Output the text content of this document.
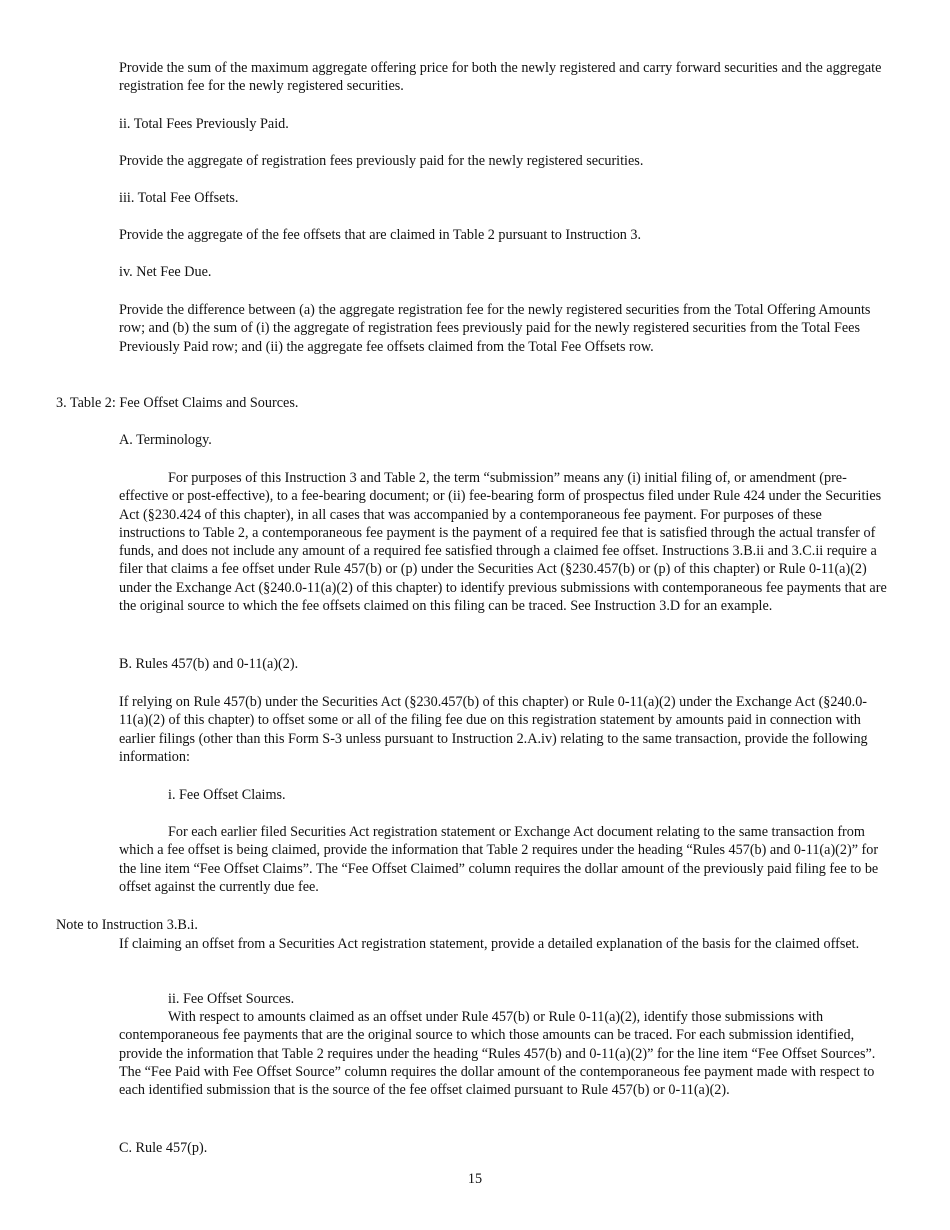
Provide the sum of the maximum aggregate offering price for both the newly registered and carry forward securities and the aggregate registration fee for the newly registered securities.

ii. Total Fees Previously Paid.

Provide the aggregate of registration fees previously paid for the newly registered securities.

iii. Total Fee Offsets.

Provide the aggregate of the fee offsets that are claimed in Table 2 pursuant to Instruction 3.

iv. Net Fee Due.

Provide the difference between (a) the aggregate registration fee for the newly registered securities from the Total Offering Amounts row; and (b) the sum of (i) the aggregate of registration fees previously paid for the newly registered securities from the Total Fees Previously Paid row; and (ii) the aggregate fee offsets claimed from the Total Fee Offsets row.

3. Table 2: Fee Offset Claims and Sources.

A. Terminology.

For purposes of this Instruction 3 and Table 2, the term “submission” means any (i) initial filing of, or amendment (pre-effective or post-effective), to a fee-bearing document; or (ii) fee-bearing form of prospectus filed under Rule 424 under the Securities Act (§230.424 of this chapter), in all cases that was accompanied by a contemporaneous fee payment. For purposes of these instructions to Table 2, a contemporaneous fee payment is the payment of a required fee that is satisfied through the actual transfer of funds, and does not include any amount of a required fee satisfied through a claimed fee offset. Instructions 3.B.ii and 3.C.ii require a filer that claims a fee offset under Rule 457(b) or (p) under the Securities Act (§230.457(b) or (p) of this chapter) or Rule 0-11(a)(2) under the Exchange Act (§240.0-11(a)(2) of this chapter) to identify previous submissions with contemporaneous fee payments that are the original source to which the fee offsets claimed on this filing can be traced. See Instruction 3.D for an example.

B. Rules 457(b) and 0-11(a)(2).

If relying on Rule 457(b) under the Securities Act (§230.457(b) of this chapter) or Rule 0-11(a)(2) under the Exchange Act (§240.0-11(a)(2) of this chapter) to offset some or all of the filing fee due on this registration statement by amounts paid in connection with earlier filings (other than this Form S-3 unless pursuant to Instruction 2.A.iv) relating to the same transaction, provide the following information:

i. Fee Offset Claims.

For each earlier filed Securities Act registration statement or Exchange Act document relating to the same transaction from which a fee offset is being claimed, provide the information that Table 2 requires under the heading “Rules 457(b) and 0-11(a)(2)” for the line item “Fee Offset Claims”. The “Fee Offset Claimed” column requires the dollar amount of the previously paid filing fee to be offset against the currently due fee.

Note to Instruction 3.B.i.

If claiming an offset from a Securities Act registration statement, provide a detailed explanation of the basis for the claimed offset.

ii. Fee Offset Sources.

With respect to amounts claimed as an offset under Rule 457(b) or Rule 0-11(a)(2), identify those submissions with contemporaneous fee payments that are the original source to which those amounts can be traced. For each submission identified, provide the information that Table 2 requires under the heading “Rules 457(b) and 0-11(a)(2)” for the line item “Fee Offset Sources”. The “Fee Paid with Fee Offset Source” column requires the dollar amount of the contemporaneous fee payment made with respect to each identified submission that is the source of the fee offset claimed pursuant to Rule 457(b) or 0-11(a)(2).

C. Rule 457(p).

15
